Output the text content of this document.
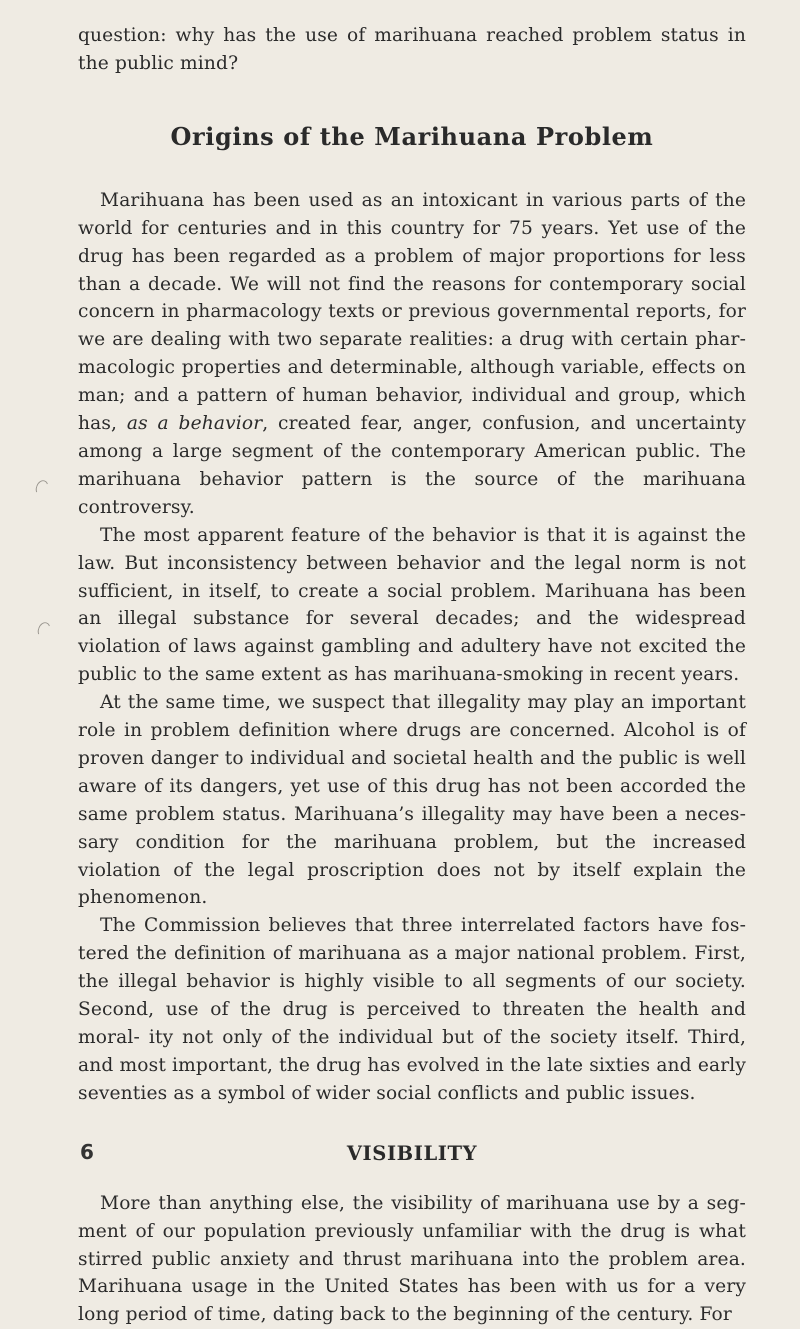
question: why has the use of marihuana reached problem status in the public mind?

Origins of the Marihuana Problem

Marihuana has been used as an intoxicant in various parts of the world for centuries and in this country for 75 years. Yet use of the drug has been regarded as a problem of major proportions for less than a decade. We will not find the reasons for contemporary social concern in pharmacology texts or previous governmental reports, for we are dealing with two separate realities: a drug with certain phar- macologic properties and determinable, although variable, effects on man; and a pattern of human behavior, individual and group, which has, as a behavior, created fear, anger, confusion, and uncertainty among a large segment of the contemporary American public. The marihuana behavior pattern is the source of the marihuana controversy.

The most apparent feature of the behavior is that it is against the law. But inconsistency between behavior and the legal norm is not sufficient, in itself, to create a social problem. Marihuana has been an illegal substance for several decades; and the widespread violation of laws against gambling and adultery have not excited the public to the same extent as has marihuana-smoking in recent years.

At the same time, we suspect that illegality may play an important role in problem definition where drugs are concerned. Alcohol is of proven danger to individual and societal health and the public is well aware of its dangers, yet use of this drug has not been accorded the same problem status. Marihuana’s illegality may have been a neces- sary condition for the marihuana problem, but the increased violation of the legal proscription does not by itself explain the phenomenon.

The Commission believes that three interrelated factors have fos- tered the definition of marihuana as a major national problem. First, the illegal behavior is highly visible to all segments of our society. Second, use of the drug is perceived to threaten the health and moral- ity not only of the individual but of the society itself. Third, and most important, the drug has evolved in the late sixties and early seventies as a symbol of wider social conflicts and public issues.

VISIBILITY

More than anything else, the visibility of marihuana use by a seg- ment of our population previously unfamiliar with the drug is what stirred public anxiety and thrust marihuana into the problem area. Marihuana usage in the United States has been with us for a very long period of time, dating back to the beginning of the century. For

6
